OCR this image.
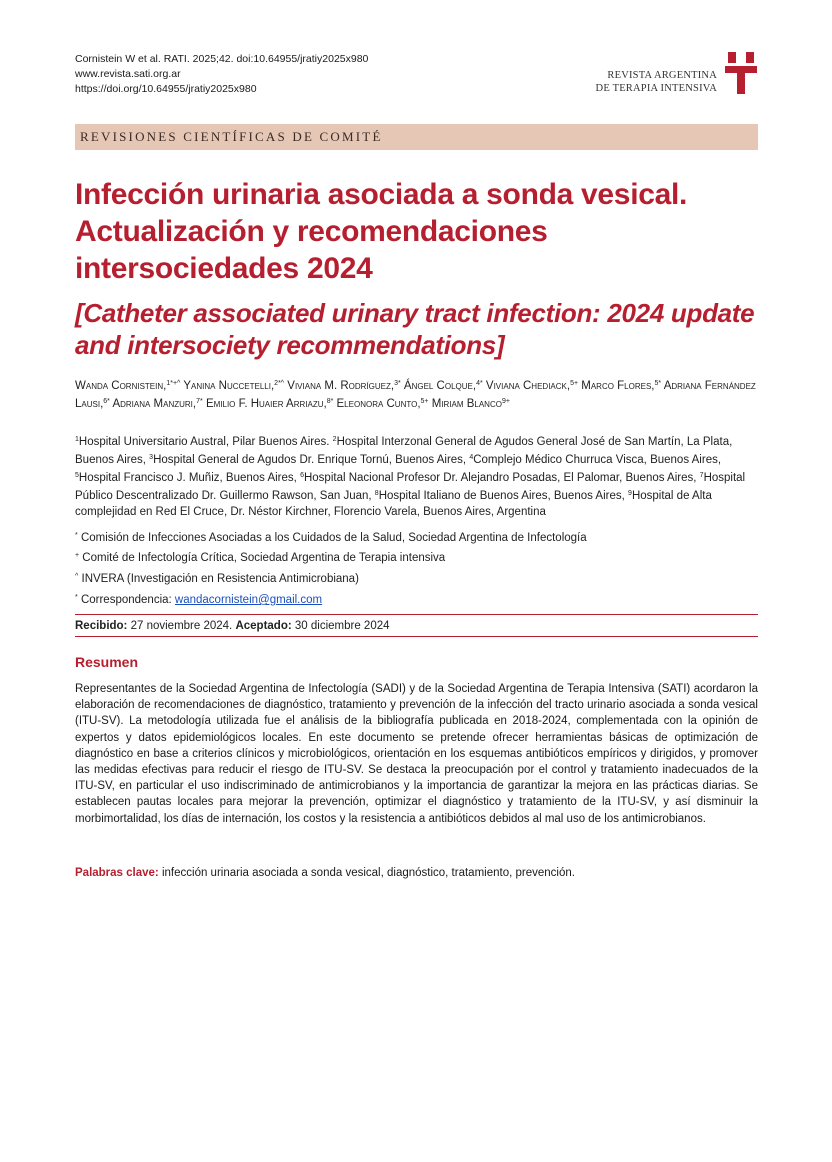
Cornistein W et al. RATI. 2025;42. doi:10.64955/jratiy2025x980
www.revista.sati.org.ar
https://doi.org/10.64955/jratiy2025x980
REVISTA ARGENTINA
DE TERAPIA INTENSIVA
REVISIONES CIENTÍFICAS DE COMITÉ
Infección urinaria asociada a sonda vesical. Actualización y recomendaciones intersociedades 2024
[Catheter associated urinary tract infection: 2024 update and intersociety recommendations]
Wanda Cornistein,$^{1*+\^{}}$ Yanina Nuccetelli,$^{2*\^{}}$ Viviana M. Rodríguez,$^{3*}$ Ángel Colque,$^{4*}$ Viviana Chediack,$^{5+}$ Marco Flores,$^{5*}$ Adriana Fernández Lausi,$^{6*}$ Adriana Manzuri,$^{7*}$ Emilio F. Huaier Arriazu,$^{8*}$ Eleonora Cunto,$^{5+}$ Miriam Blanco$^{9+}$
$^1$Hospital Universitario Austral, Pilar Buenos Aires. $^2$Hospital Interzonal General de Agudos General José de San Martín, La Plata, Buenos Aires, $^3$Hospital General de Agudos Dr. Enrique Tornú, Buenos Aires, $^4$Complejo Médico Churruca Visca, Buenos Aires, $^5$Hospital Francisco J. Muñiz, Buenos Aires, $^6$Hospital Nacional Profesor Dr. Alejandro Posadas, El Palomar, Buenos Aires, $^7$Hospital Público Descentralizado Dr. Guillermo Rawson, San Juan, $^8$Hospital Italiano de Buenos Aires, Buenos Aires, $^9$Hospital de Alta complejidad en Red El Cruce, Dr. Néstor Kirchner, Florencio Varela, Buenos Aires, Argentina
* Comisión de Infecciones Asociadas a los Cuidados de la Salud, Sociedad Argentina de Infectología
+ Comité de Infectología Crítica, Sociedad Argentina de Terapia intensiva
^ INVERA (Investigación en Resistencia Antimicrobiana)
* Correspondencia: wandacornistein@gmail.com
Recibido: 27 noviembre 2024. Aceptado: 30 diciembre 2024
Resumen

Representantes de la Sociedad Argentina de Infectología (SADI) y de la Sociedad Argentina de Terapia Intensiva (SATI) acordaron la elaboración de recomendaciones de diagnóstico, tratamiento y prevención de la infección del tracto urinario asociada a sonda vesical (ITU-SV). La metodología utilizada fue el análisis de la bibliografía publicada en 2018-2024, complementada con la opinión de expertos y datos epidemiológicos locales. En este documento se pretende ofrecer herramientas básicas de optimización de diagnóstico en base a criterios clínicos y microbiológicos, orientación en los esquemas antibióticos empíricos y dirigidos, y promover las medidas efectivas para reducir el riesgo de ITU-SV. Se destaca la preocupación por el control y tratamiento inadecuados de la ITU-SV, en particular el uso indiscriminado de antimicrobianos y la importancia de garantizar la mejora en las prácticas diarias. Se establecen pautas locales para mejorar la prevención, optimizar el diagnóstico y tratamiento de la ITU-SV, y así disminuir la morbimortalidad, los días de internación, los costos y la resistencia a antibióticos debidos al mal uso de los antimicrobianos.

Palabras clave: infección urinaria asociada a sonda vesical, diagnóstico, tratamiento, prevención.
